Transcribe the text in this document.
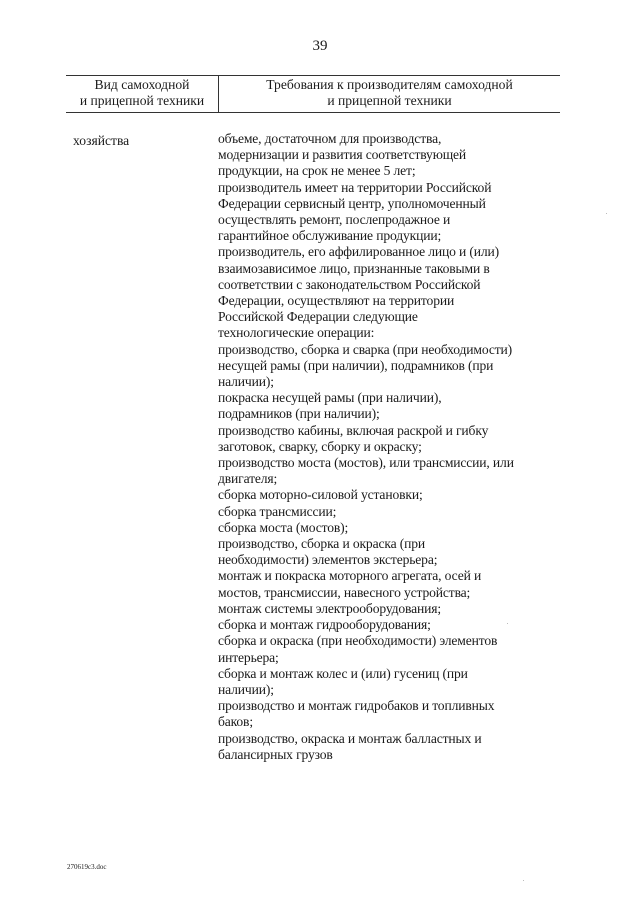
39
Вид самоходной
и прицепной техники
Требования к производителям самоходной
и прицепной техники
хозяйства	объеме, достаточном для производства,
модернизации и развития соответствующей
продукции, на срок не менее 5 лет;
производитель имеет на территории Российской
Федерации сервисный центр, уполномоченный
осуществлять ремонт, послепродажное и
гарантийное обслуживание продукции;
производитель, его аффилированное лицо и (или)
взаимозависимое лицо, признанные таковыми в
соответствии с законодательством Российской
Федерации, осуществляют на территории
Российской Федерации следующие
технологические операции:
производство, сборка и сварка (при необходимости)
несущей рамы (при наличии), подрамников (при
наличии);
покраска несущей рамы (при наличии),
подрамников (при наличии);
производство кабины, включая раскрой и гибку
заготовок, сварку, сборку и окраску;
производство моста (мостов), или трансмиссии, или
двигателя;
сборка моторно-силовой установки;
сборка трансмиссии;
сборка моста (мостов);
производство, сборка и окраска (при
необходимости) элементов экстерьера;
монтаж и покраска моторного агрегата, осей и
мостов, трансмиссии, навесного устройства;
монтаж системы электрооборудования;
сборка и монтаж гидрооборудования;
сборка и окраска (при необходимости) элементов
интерьера;
сборка и монтаж колес и (или) гусениц (при
наличии);
производство и монтаж гидробаков и топливных
баков;
производство, окраска и монтаж балластных и
балансирных грузов
270619c3.doc
